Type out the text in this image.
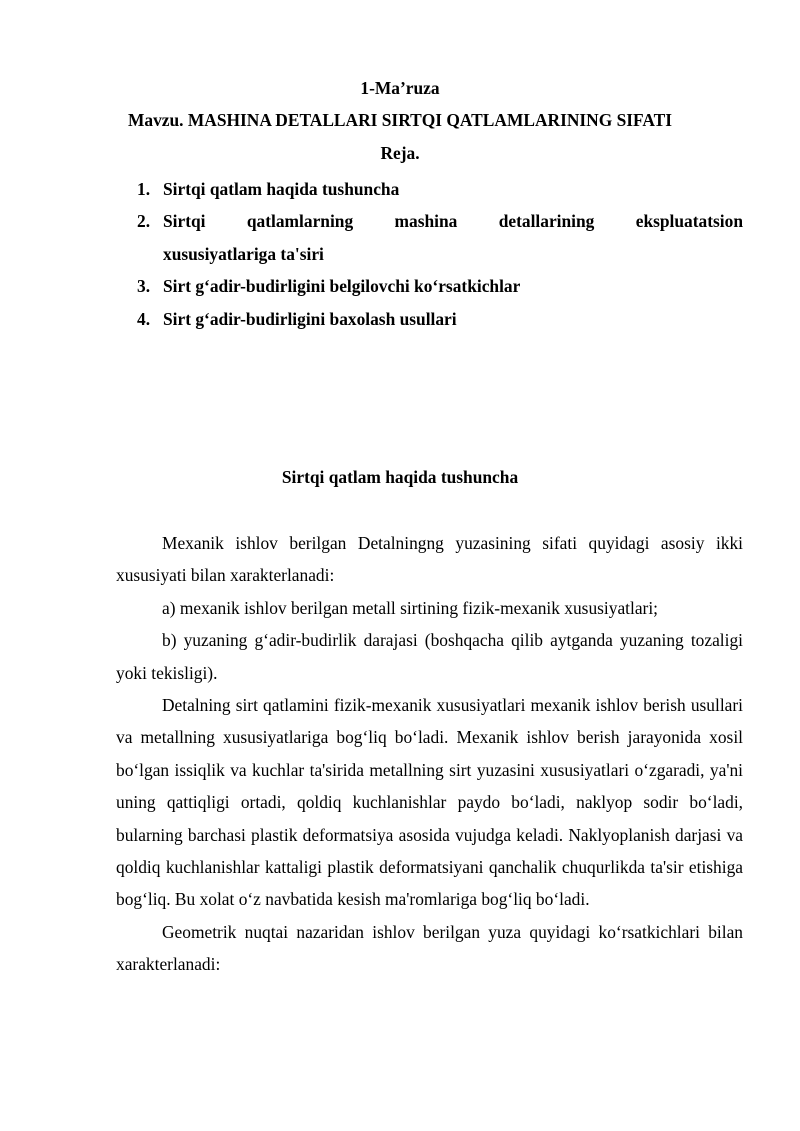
1-Ma’ruza
Mavzu. MASHINA DETALLARI SIRTQI QATLAMLARINING SIFATI
Reja.
1. Sirtqi qatlam haqida tushuncha
2. Sirtqi qatlamlarning mashina detallarining ekspluatatsion
xususiyatlariga ta'siri
3. Sirt g‘adir-budirligini belgilovchi ko‘rsatkichlar
4. Sirt g‘adir-budirligini baxolash usullari
Sirtqi qatlam haqida tushuncha

Mexanik ishlov berilgan Detalningng yuzasining sifati quyidagi asosiy ikki xususiyati bilan xarakterlanadi:

a) mexanik ishlov berilgan metall sirtining fizik-mexanik xususiyatlari;

b) yuzaning g‘adir-budirlik darajasi (boshqacha qilib aytganda yuzaning tozaligi yoki tekisligi).

Detalning sirt qatlamini fizik-mexanik xususiyatlari mexanik ishlov berish usullari va metallning xususiyatlariga bog‘liq bo‘ladi. Mexanik ishlov berish jarayonida xosil bo‘lgan issiqlik va kuchlar ta'sirida metallning sirt yuzasini xususiyatlari o‘zgaradi, ya'ni uning qattiqligi ortadi, qoldiq kuchlanishlar paydo bo‘ladi, naklyop sodir bo‘ladi, bularning barchasi plastik deformatsiya asosida vujudga keladi. Naklyoplanish darjasi va qoldiq kuchlanishlar kattaligi plastik deformatsiyani qanchalik chuqurlikda ta'sir etishiga bog‘liq. Bu xolat o‘z navbatida kesish ma'romlariga bog‘liq bo‘ladi.

Geometrik nuqtai nazaridan ishlov berilgan yuza quyidagi ko‘rsatkichlari bilan xarakterlanadi:
